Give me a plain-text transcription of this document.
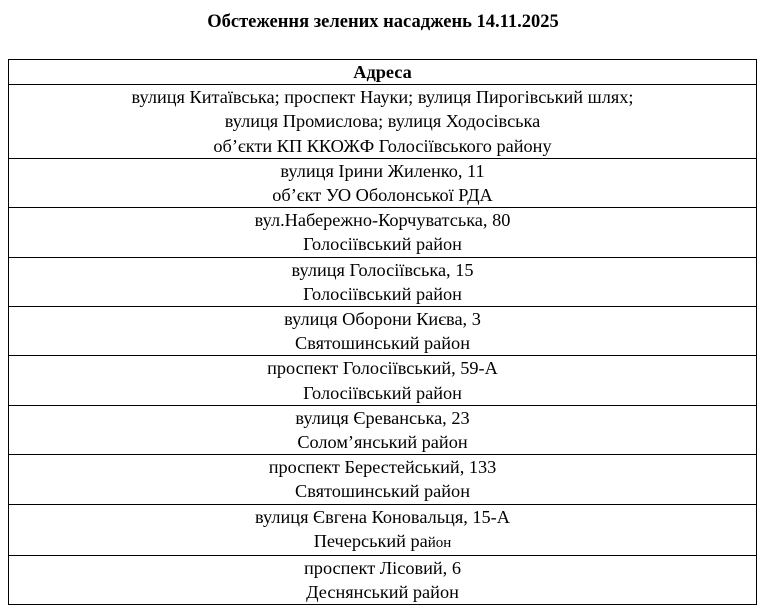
Обстеження зелених насаджень 14.11.2025
Адреса

вулиця Китаївська; проспект Науки; вулиця Пирогівський шлях;
вулиця Промислова; вулиця Ходосівська
об’єкти КП ККОЖФ Голосіївського району

вулиця Ірини Жиленко, 11
об’єкт УО Оболонської РДА

вул.Набережно-Корчуватська, 80
Голосіївський район

вулиця Голосіївська, 15
Голосіївський район

вулиця Оборони Києва, 3
Святошинський район

проспект Голосіївський, 59-А
Голосіївський район

вулиця Єреванська, 23
Солом’янський район

проспект Берестейський, 133
Святошинський район

вулиця Євгена Коновальця, 15-А
Печерський район

проспект Лісовий, 6
Деснянський район
